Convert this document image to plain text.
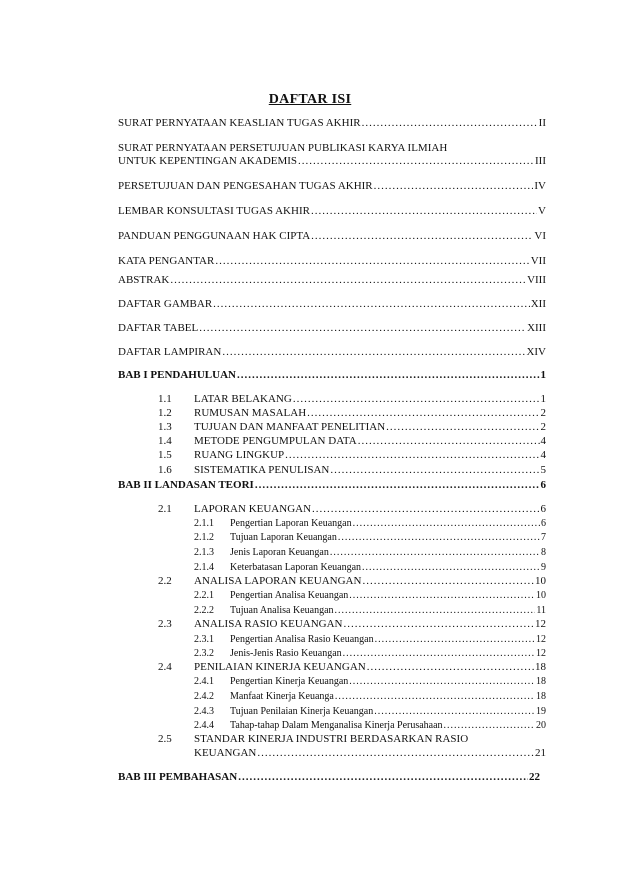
DAFTAR ISI
SURAT PERNYATAAN KEASLIAN TUGAS AKHIR .....	II
SURAT PERNYATAAN PERSETUJUAN PUBLIKASI KARYA ILMIAH
UNTUK KEPENTINGAN AKADEMIS .....	III
PERSETUJUAN DAN PENGESAHAN TUGAS AKHIR .....	IV
LEMBAR KONSULTASI TUGAS AKHIR .....	V
PANDUAN PENGGUNAAN HAK CIPTA .....	VI
KATA PENGANTAR .....	VII
ABSTRAK .....	VIII
DAFTAR GAMBAR .....	XII
DAFTAR TABEL .....	XIII
DAFTAR LAMPIRAN .....	XIV
BAB I PENDAHULUAN .....	1
1.1	LATAR BELAKANG .....	1
1.2	RUMUSAN MASALAH .....	2
1.3	TUJUAN DAN MANFAAT PENELITIAN .....	2
1.4	METODE PENGUMPULAN DATA .....	4
1.5	RUANG LINGKUP .....	4
1.6	SISTEMATIKA PENULISAN .....	5
BAB II LANDASAN TEORI .....	6
2.1	LAPORAN KEUANGAN .....	6
2.1.1	Pengertian Laporan Keuangan .....	6
2.1.2	Tujuan Laporan Keuangan .....	7
2.1.3	Jenis Laporan Keuangan .....	8
2.1.4	Keterbatasan Laporan Keuangan .....	9
2.2	ANALISA LAPORAN KEUANGAN .....	10
2.2.1	Pengertian Analisa Keuangan .....	10
2.2.2	Tujuan Analisa Keuangan .....	11
2.3	ANALISA RASIO KEUANGAN .....	12
2.3.1	Pengertian Analisa Rasio Keuangan .....	12
2.3.2	Jenis-Jenis Rasio Keuangan .....	12
2.4	PENILAIAN KINERJA KEUANGAN .....	18
2.4.1	Pengertian Kinerja Keuangan .....	18
2.4.2	Manfaat Kinerja Keuanga .....	18
2.4.3	Tujuan Penilaian Kinerja Keuangan .....	19
2.4.4	Tahap-tahap Dalam Menganalisa Kinerja Perusahaan .....	20
2.5 STANDAR KINERJA INDUSTRI BERDASARKAN RASIO
KEUANGAN .....	21
BAB III PEMBAHASAN .....	22
